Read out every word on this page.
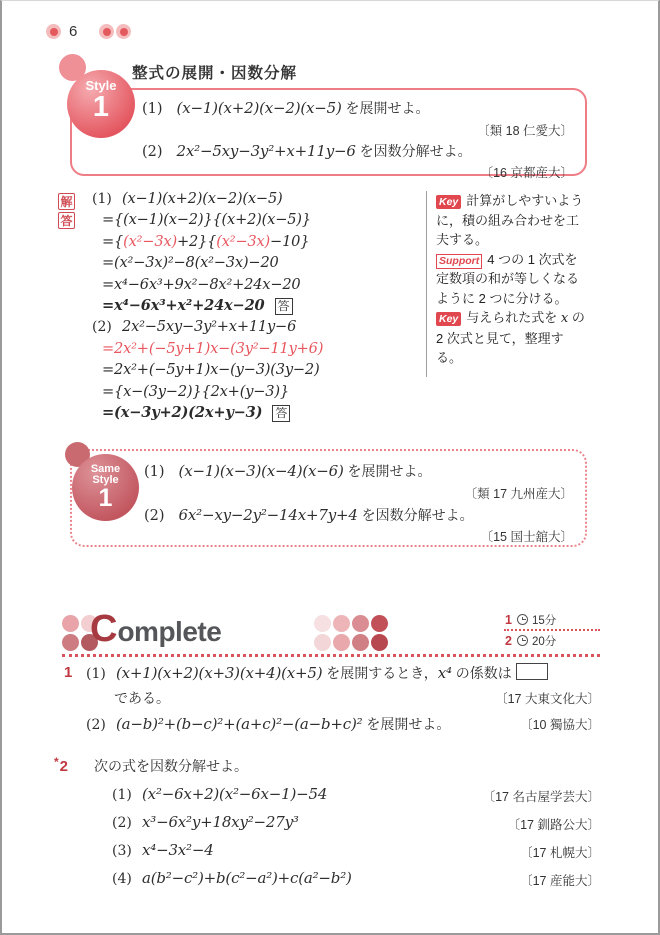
6
整式の展開・因数分解
(1) (x−1)(x+2)(x−2)(x−5) を展開せよ。
〔類 18 仁愛大〕
(2) 2x²−5xy−3y²+x+11y−6 を因数分解せよ。
〔16 京都産大〕
Style
1
解
答
(1) (x−1)(x+2)(x−2)(x−5)
={(x−1)(x−2)}{(x+2)(x−5)}
={(x²−3x)+2}{(x²−3x)−10}
=(x²−3x)²−8(x²−3x)−20
=x⁴−6x³+9x²−8x²+24x−20
=x⁴−6x³+x²+24x−20 答
(2) 2x²−5xy−3y²+x+11y−6
=2x²+(−5y+1)x−(3y²−11y+6)
=2x²+(−5y+1)x−(y−3)(3y−2)
={x−(3y−2)}{2x+(y−3)}
=(x−3y+2)(2x+y−3) 答
Key 計算がしやすいように，積の組み合わせを工夫する。
Support 4 つの 1 次式を定数項の和が等しくなるように 2 つに分ける。
Key 与えられた式を x の 2 次式と見て，整理する。
(1) (x−1)(x−3)(x−4)(x−6) を展開せよ。
〔類 17 九州産大〕
(2) 6x²−xy−2y²−14x+7y+4 を因数分解せよ。
〔15 国士舘大〕
Same
Style
1
C omplete	1 15分
2 20分
1 (1) (x+1)(x+2)(x+3)(x+4)(x+5) を展開するとき，x⁴ の係数は
である。	〔17 大東文化大〕
(2) (a−b)²+(b−c)²+(a+c)²−(a−b+c)² を展開せよ。	〔10 獨協大〕
*2 次の式を因数分解せよ。
(1) (x²−6x+2)(x²−6x−1)−54	〔17 名古屋学芸大〕
(2) x³−6x²y+18xy²−27y³	〔17 釧路公大〕
(3) x⁴−3x²−4	〔17 札幌大〕
(4) a(b²−c²)+b(c²−a²)+c(a²−b²)	〔17 産能大〕
